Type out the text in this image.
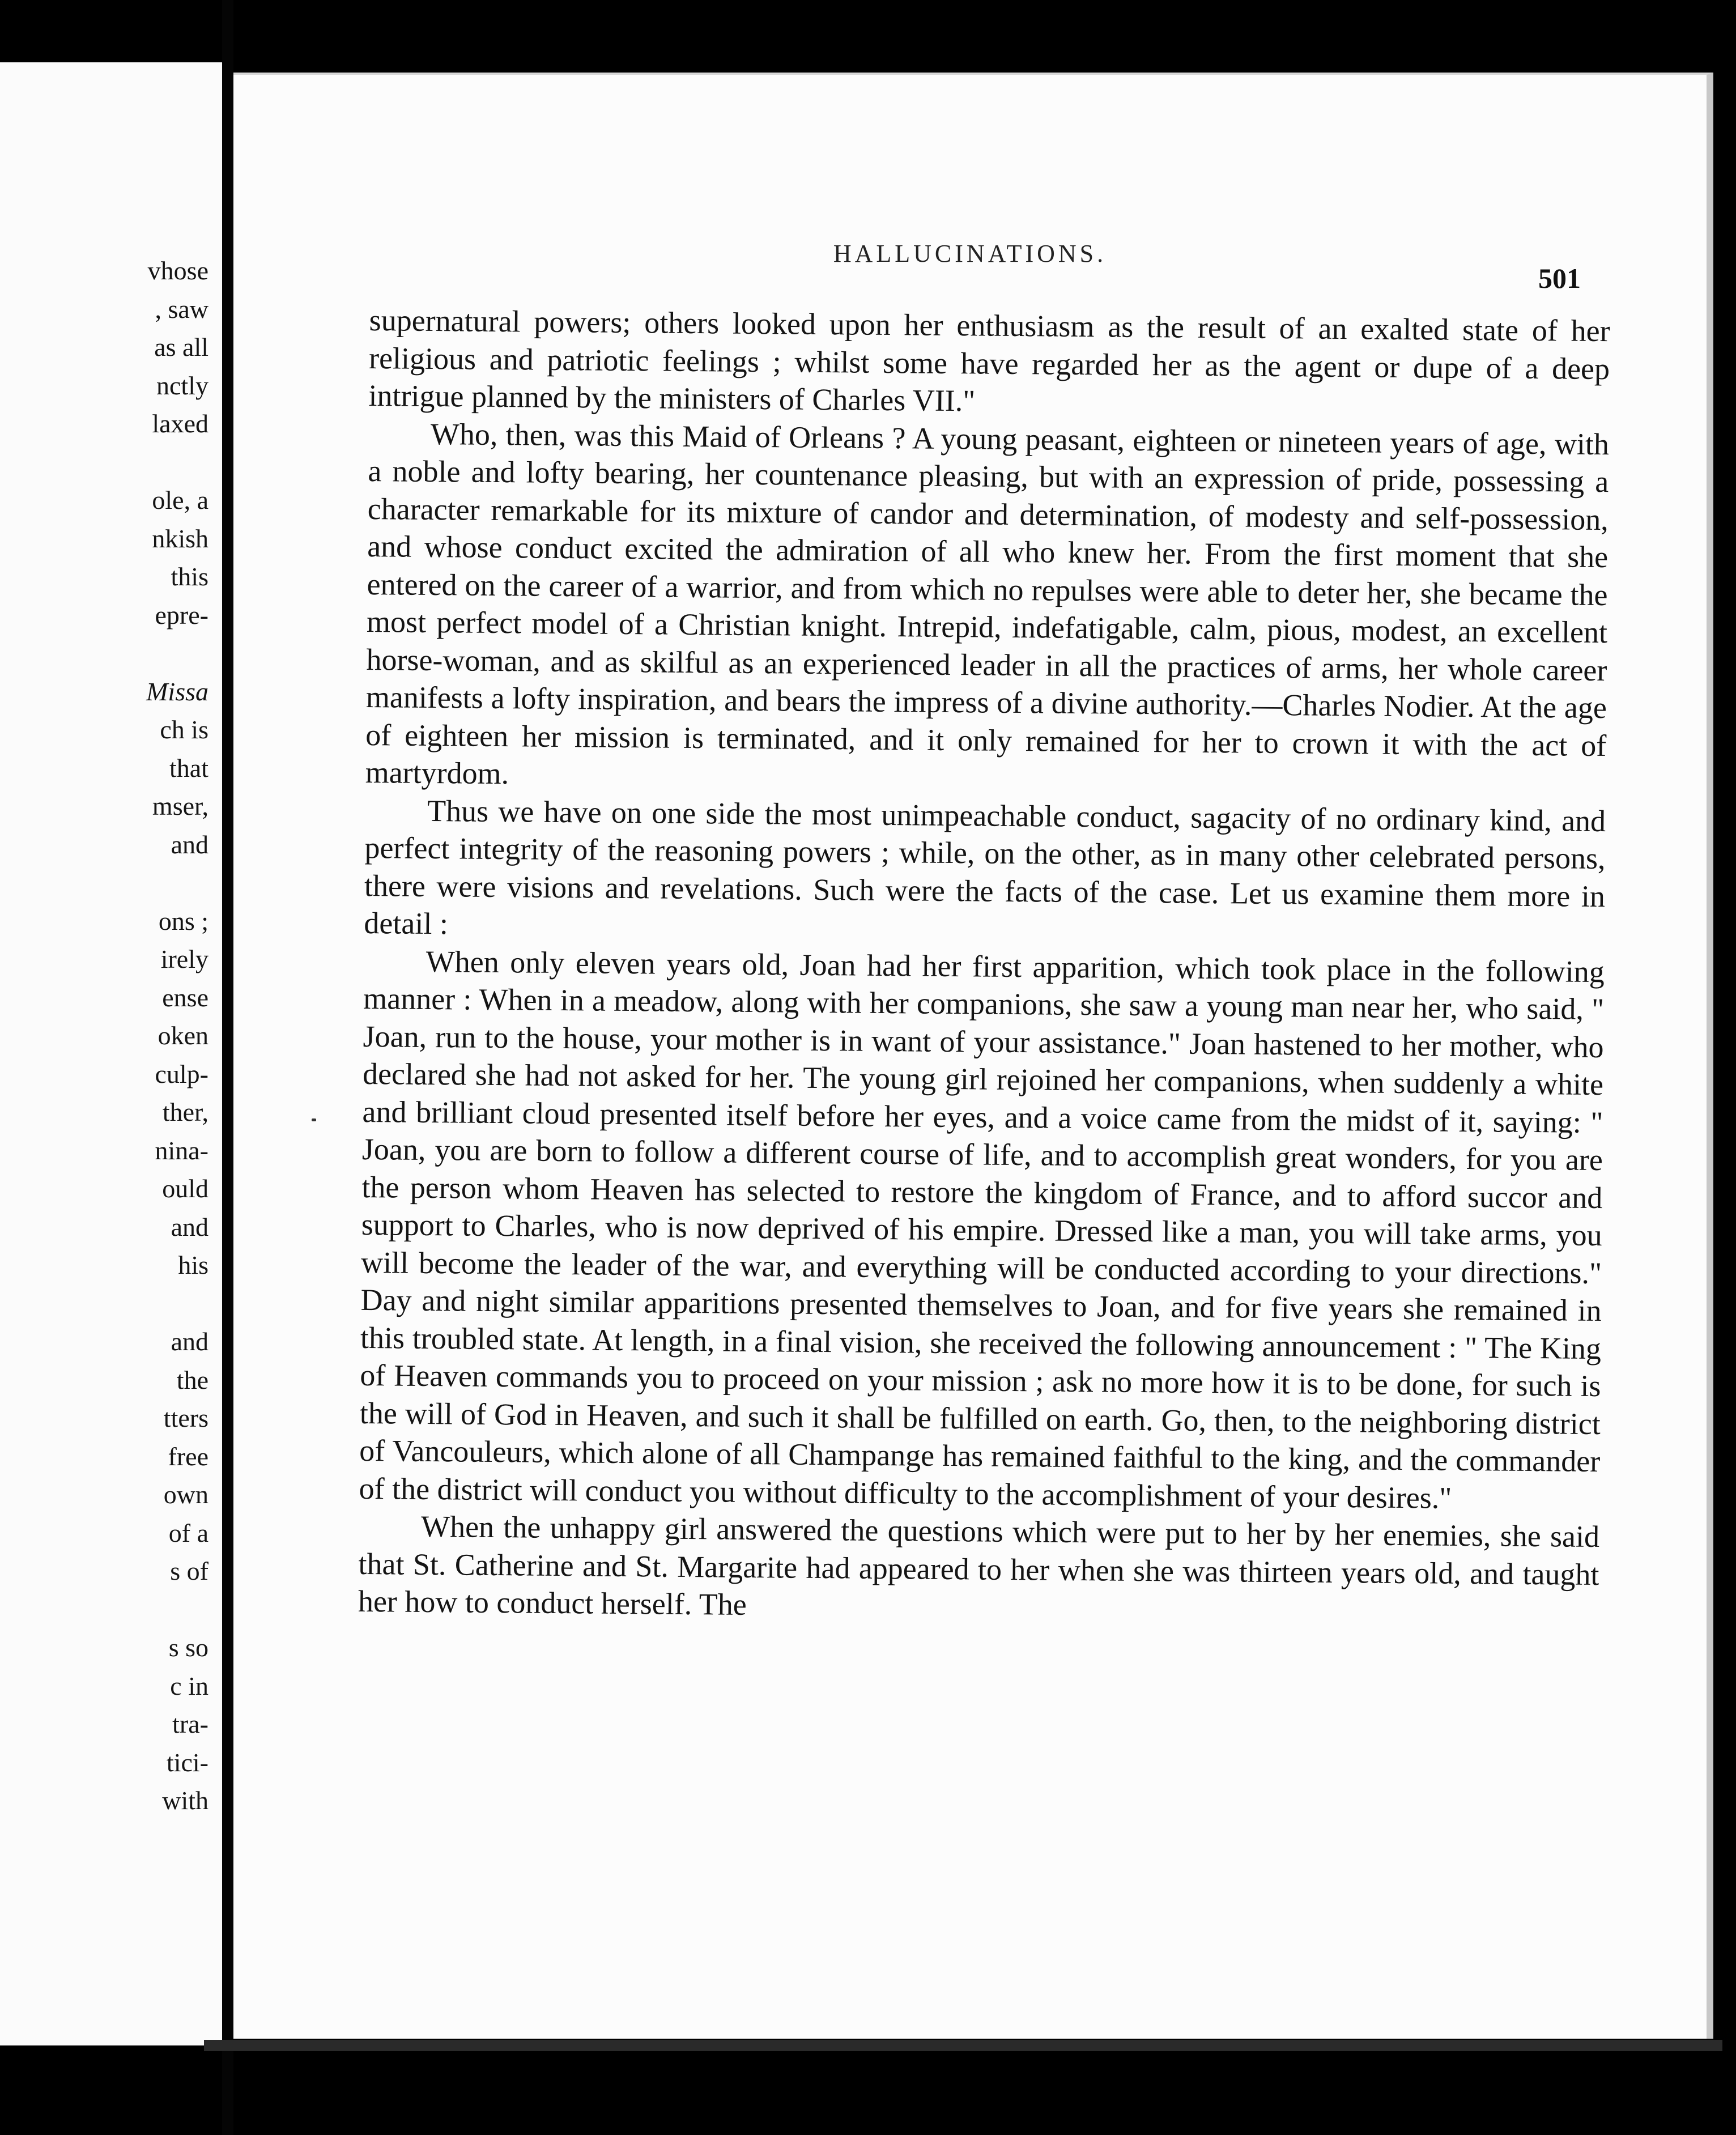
vhose
, saw
as all
nctly
laxed
ole, a
nkish
this
epre-
Missa
ch is
that
mser,
and
ons ;
irely
ense
oken
culp-
ther,
nina-
ould
and
his
and
the
tters
free
own
of a
s of
s so
c in
tra-
tici-
with
HALLUCINATIONS.
501

supernatural powers; others looked upon her enthusiasm as the result of an exalted state of her religious and patriotic feelings ; whilst some have regarded her as the agent or dupe of a deep intrigue planned by the ministers of Charles VII."

Who, then, was this Maid of Orleans ? A young peasant, eighteen or nineteen years of age, with a noble and lofty bearing, her countenance pleasing, but with an expression of pride, possessing a character remarkable for its mixture of candor and determination, of modesty and self-possession, and whose conduct excited the admiration of all who knew her. From the first moment that she entered on the career of a warrior, and from which no repulses were able to deter her, she became the most perfect model of a Christian knight. Intrepid, indefatigable, calm, pious, modest, an excellent horse-woman, and as skilful as an experienced leader in all the practices of arms, her whole career manifests a lofty inspiration, and bears the impress of a divine authority.—Charles Nodier. At the age of eighteen her mission is terminated, and it only remained for her to crown it with the act of martyrdom.

Thus we have on one side the most unimpeachable conduct, sagacity of no ordinary kind, and perfect integrity of the reasoning powers ; while, on the other, as in many other celebrated persons, there were visions and revelations. Such were the facts of the case. Let us examine them more in detail :

When only eleven years old, Joan had her first apparition, which took place in the following manner : When in a meadow, along with her companions, she saw a young man near her, who said, " Joan, run to the house, your mother is in want of your assistance." Joan hastened to her mother, who declared she had not asked for her. The young girl rejoined her companions, when suddenly a white and brilliant cloud presented itself before her eyes, and a voice came from the midst of it, saying: " Joan, you are born to follow a different course of life, and to accomplish great wonders, for you are the person whom Heaven has selected to restore the kingdom of France, and to afford succor and support to Charles, who is now deprived of his empire. Dressed like a man, you will take arms, you will become the leader of the war, and everything will be conducted according to your directions." Day and night similar apparitions presented themselves to Joan, and for five years she remained in this troubled state. At length, in a final vision, she received the following announcement : " The King of Heaven commands you to proceed on your mission ; ask no more how it is to be done, for such is the will of God in Heaven, and such it shall be fulfilled on earth. Go, then, to the neighboring district of Vancouleurs, which alone of all Champange has remained faithful to the king, and the commander of the district will conduct you without difficulty to the accomplishment of your desires."

When the unhappy girl answered the questions which were put to her by her enemies, she said that St. Catherine and St. Margarite had appeared to her when she was thirteen years old, and taught her how to conduct herself. The
